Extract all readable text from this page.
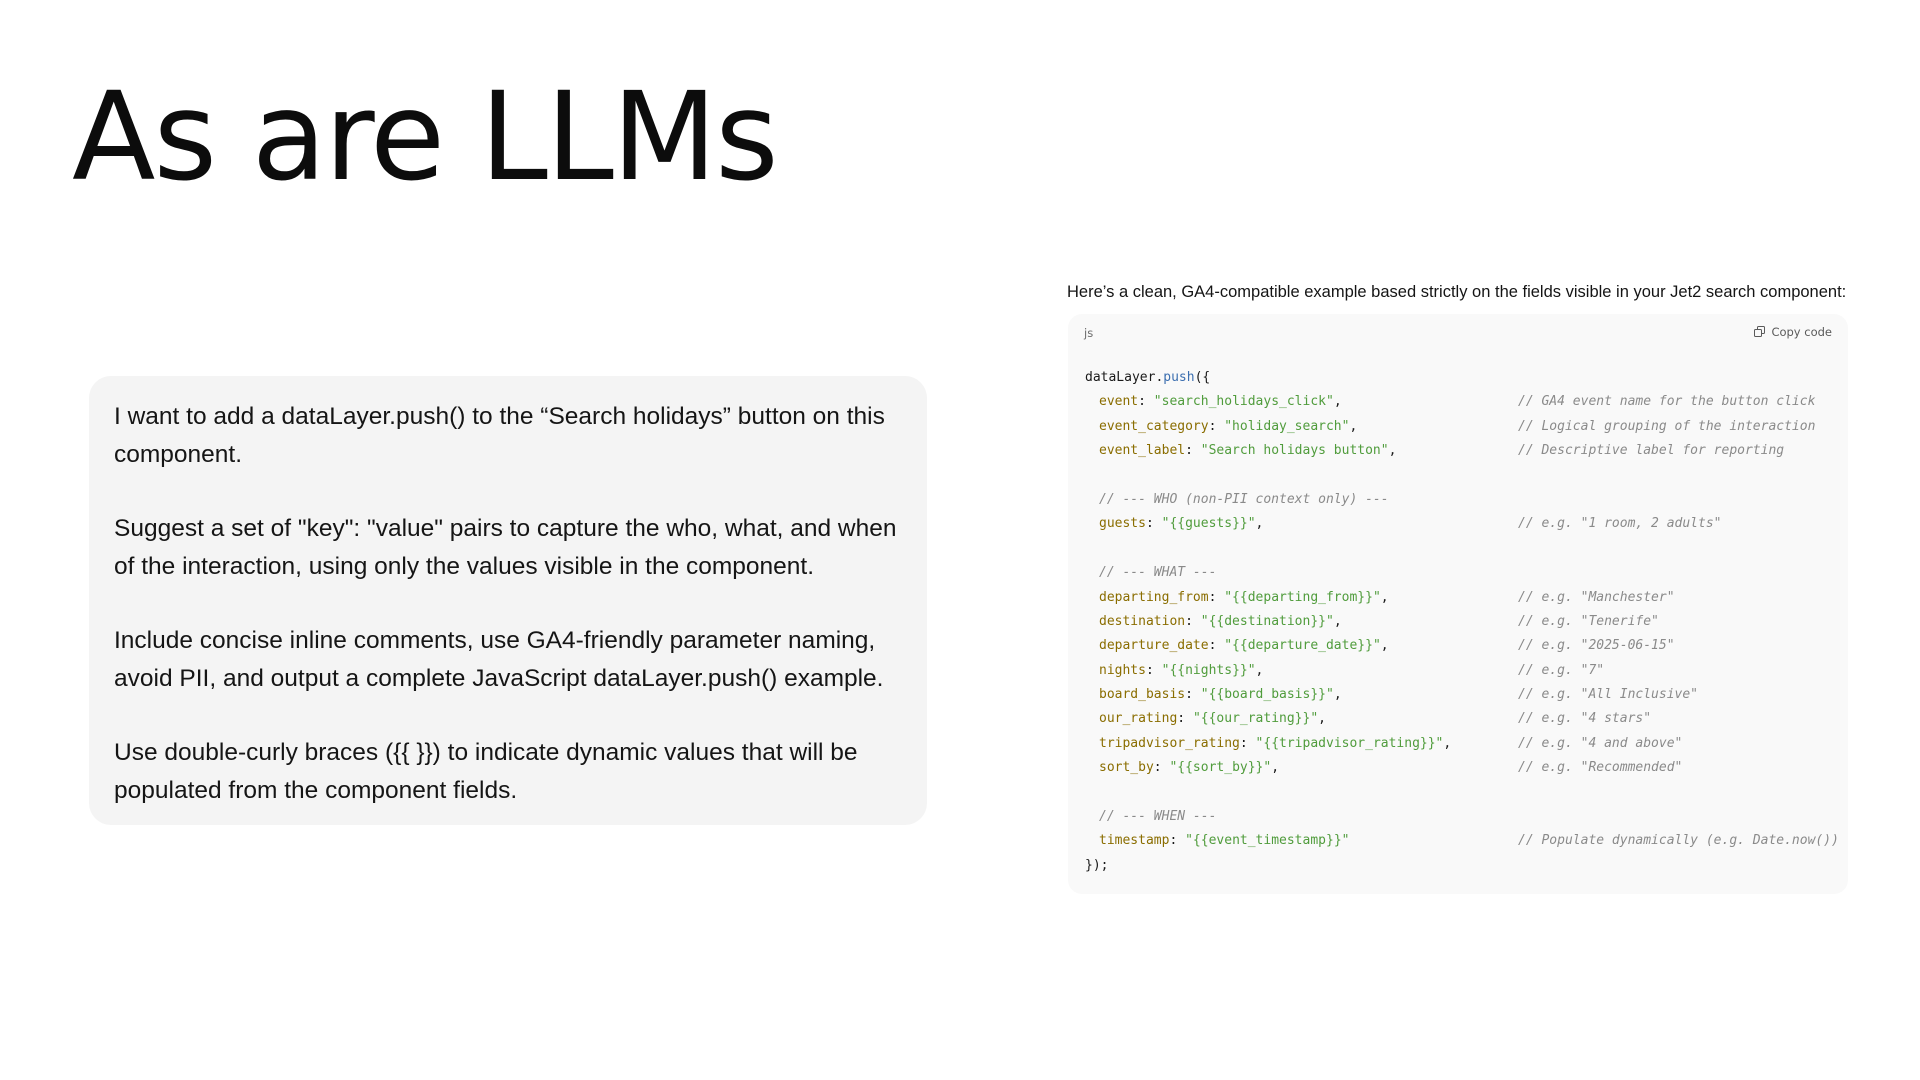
As are LLMs

I want to add a dataLayer.push() to the “Search holidays” button on this component.

Suggest a set of "key": "value" pairs to capture the who, what, and when of the interaction, using only the values visible in the component.

Include concise inline comments, use GA4-friendly parameter naming, avoid PII, and output a complete JavaScript dataLayer.push() example.

Use double-curly braces ({{ }}) to indicate dynamic values that will be populated from the component fields.

Here’s a clean, GA4-compatible example based strictly on the fields visible in your Jet2 search component:

js	Copy code
dataLayer.push({
event: "search_holidays_click",	// GA4 event name for the button click
event_category: "holiday_search",	// Logical grouping of the interaction
event_label: "Search holidays button",	// Descriptive label for reporting
// --- WHO (non-PII context only) ---
guests: "{{guests}}",	// e.g. "1 room, 2 adults"
// --- WHAT ---
departing_from: "{{departing_from}}",	// e.g. "Manchester"
destination: "{{destination}}",	// e.g. "Tenerife"
departure_date: "{{departure_date}}",	// e.g. "2025-06-15"
nights: "{{nights}}",	// e.g. "7"
board_basis: "{{board_basis}}",	// e.g. "All Inclusive"
our_rating: "{{our_rating}}",	// e.g. "4 stars"
tripadvisor_rating: "{{tripadvisor_rating}}",	// e.g. "4 and above"
sort_by: "{{sort_by}}",	// e.g. "Recommended"
// --- WHEN ---
timestamp: "{{event_timestamp}}"	// Populate dynamically (e.g. Date.now())
});
